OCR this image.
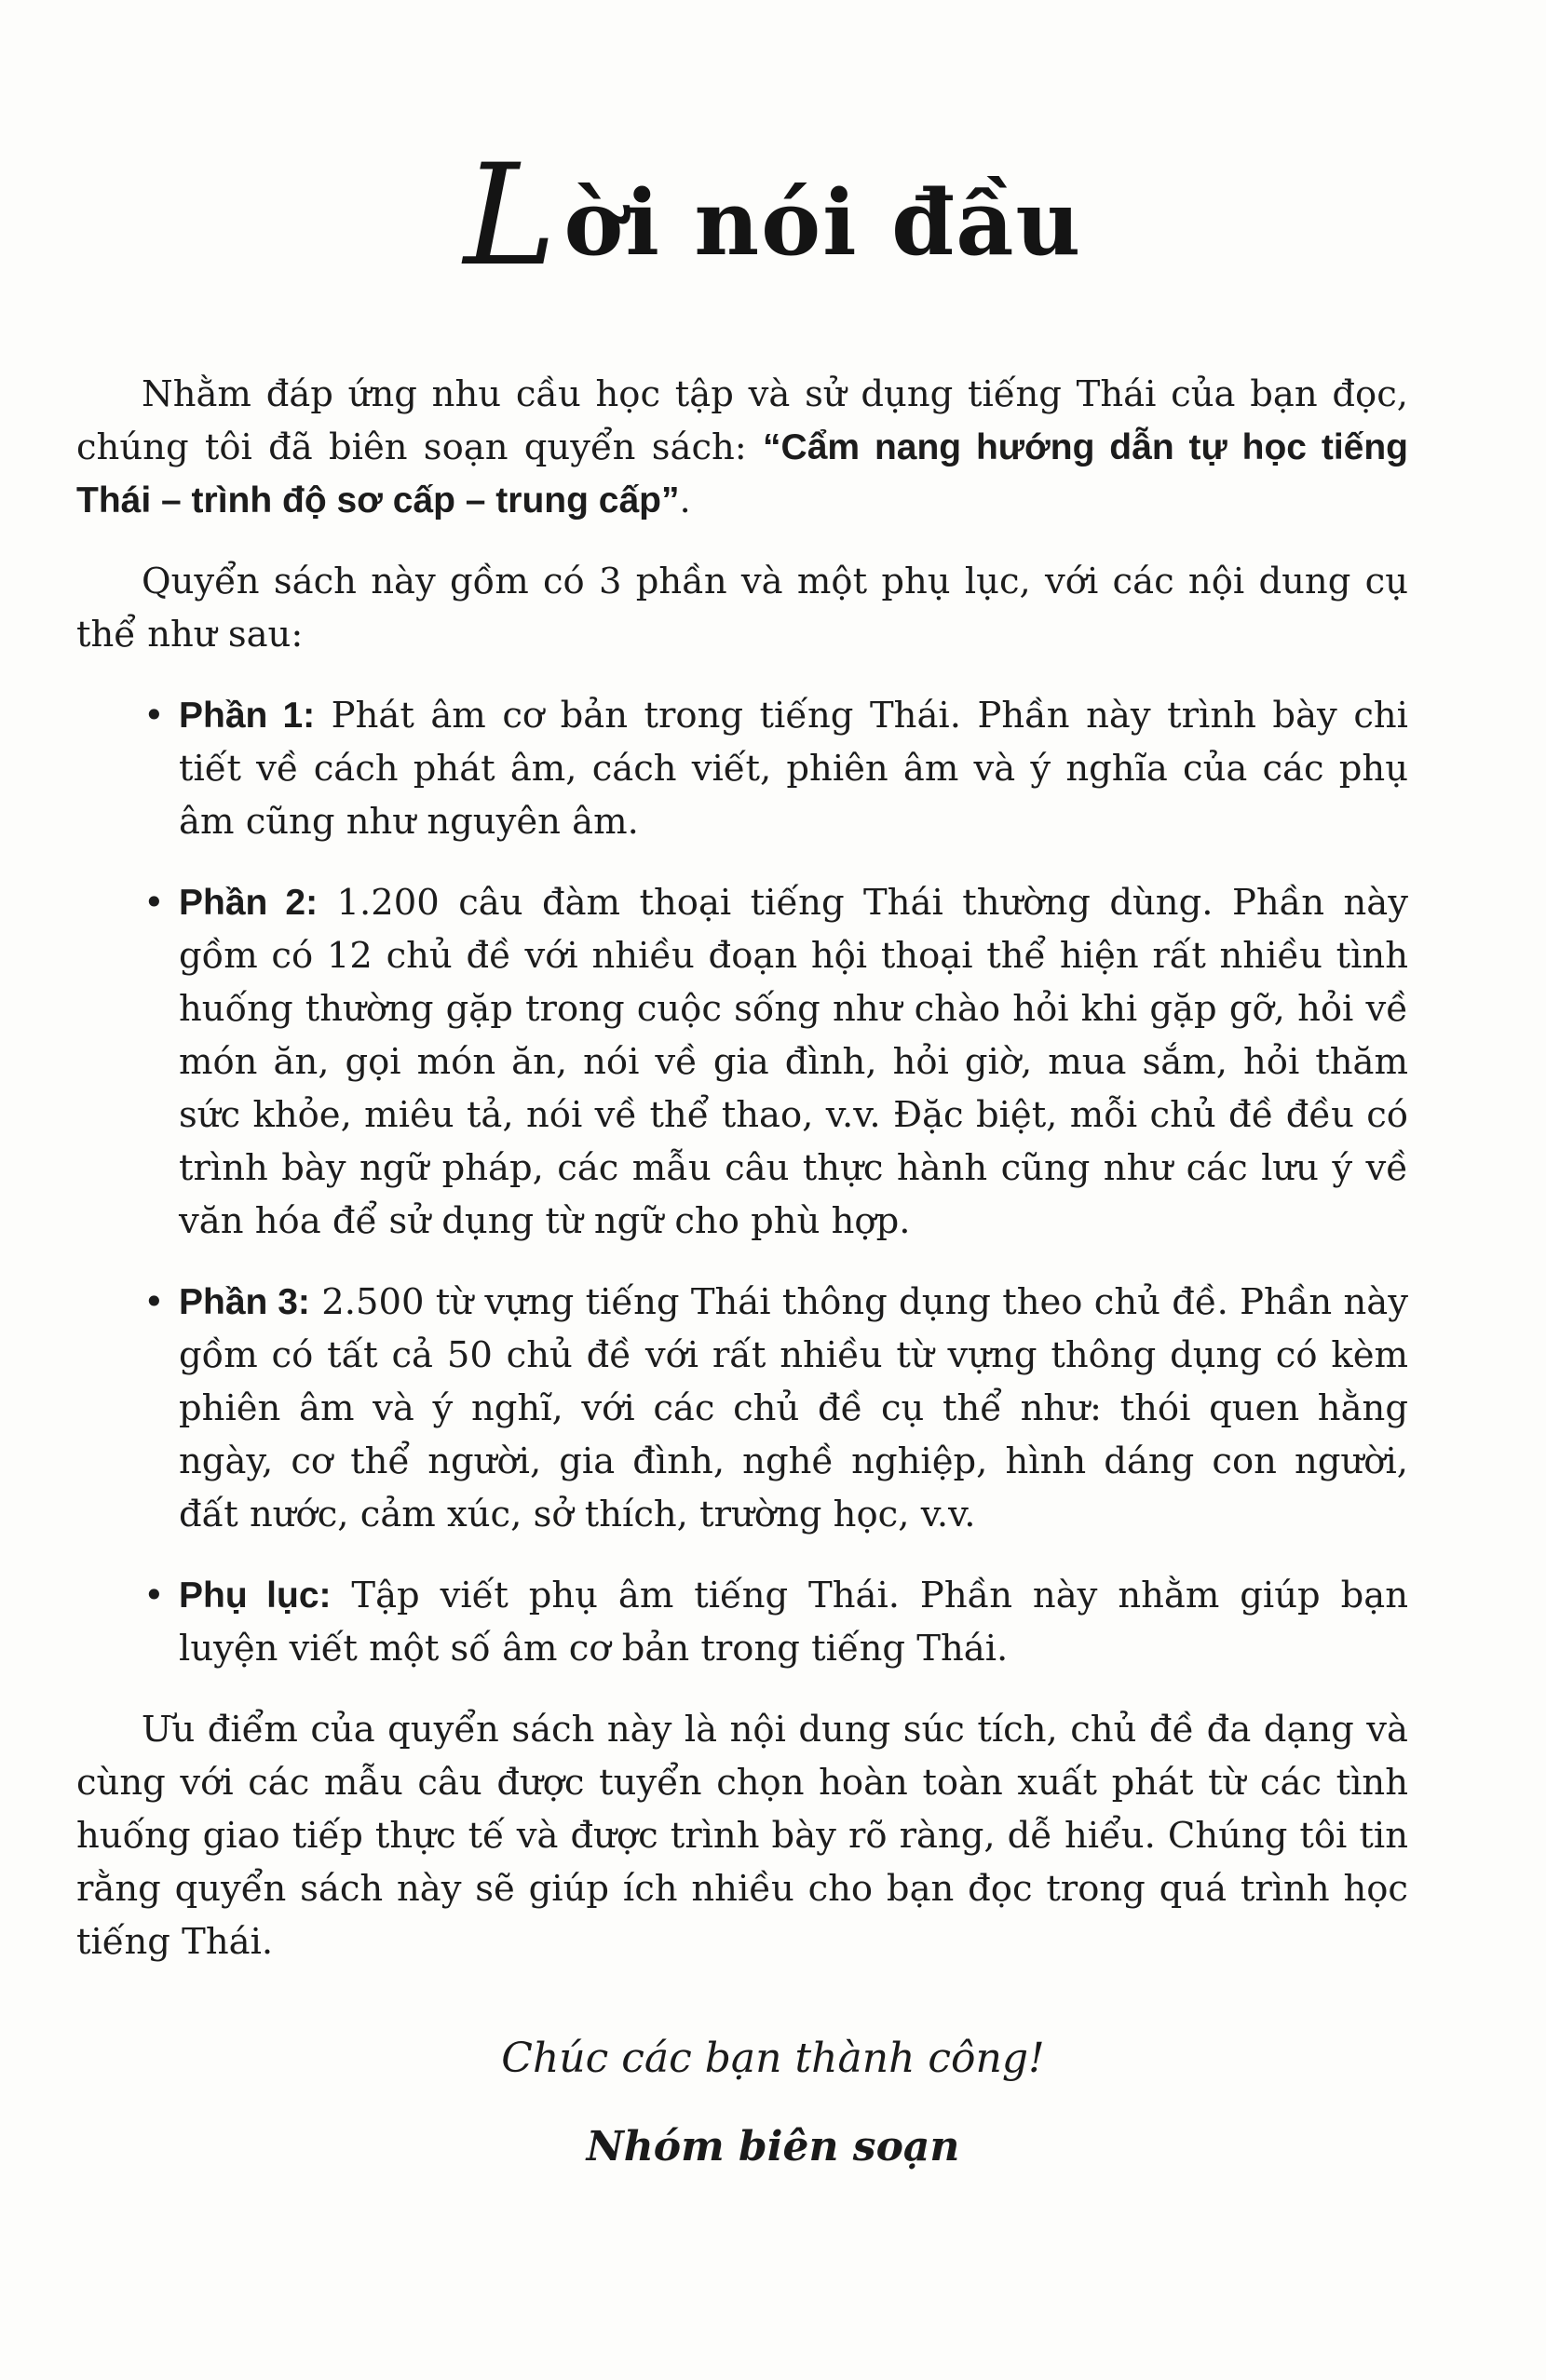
Lời nói đầu

Nhằm đáp ứng nhu cầu học tập và sử dụng tiếng Thái của bạn đọc, chúng tôi đã biên soạn quyển sách: “Cẩm nang hướng dẫn tự học tiếng Thái – trình độ sơ cấp – trung cấp”.

Quyển sách này gồm có 3 phần và một phụ lục, với các nội dung cụ thể như sau:

• Phần 1: Phát âm cơ bản trong tiếng Thái. Phần này trình bày chi tiết về cách phát âm, cách viết, phiên âm và ý nghĩa của các phụ âm cũng như nguyên âm.
• Phần 2: 1.200 câu đàm thoại tiếng Thái thường dùng. Phần này gồm có 12 chủ đề với nhiều đoạn hội thoại thể hiện rất nhiều tình huống thường gặp trong cuộc sống như chào hỏi khi gặp gỡ, hỏi về món ăn, gọi món ăn, nói về gia đình, hỏi giờ, mua sắm, hỏi thăm sức khỏe, miêu tả, nói về thể thao, v.v. Đặc biệt, mỗi chủ đề đều có trình bày ngữ pháp, các mẫu câu thực hành cũng như các lưu ý về văn hóa để sử dụng từ ngữ cho phù hợp.
• Phần 3: 2.500 từ vựng tiếng Thái thông dụng theo chủ đề. Phần này gồm có tất cả 50 chủ đề với rất nhiều từ vựng thông dụng có kèm phiên âm và ý nghĩ, với các chủ đề cụ thể như: thói quen hằng ngày, cơ thể người, gia đình, nghề nghiệp, hình dáng con người, đất nước, cảm xúc, sở thích, trường học, v.v.
• Phụ lục: Tập viết phụ âm tiếng Thái. Phần này nhằm giúp bạn luyện viết một số âm cơ bản trong tiếng Thái.

Ưu điểm của quyển sách này là nội dung súc tích, chủ đề đa dạng và cùng với các mẫu câu được tuyển chọn hoàn toàn xuất phát từ các tình huống giao tiếp thực tế và được trình bày rõ ràng, dễ hiểu. Chúng tôi tin rằng quyển sách này sẽ giúp ích nhiều cho bạn đọc trong quá trình học tiếng Thái.

Chúc các bạn thành công!
Nhóm biên soạn
